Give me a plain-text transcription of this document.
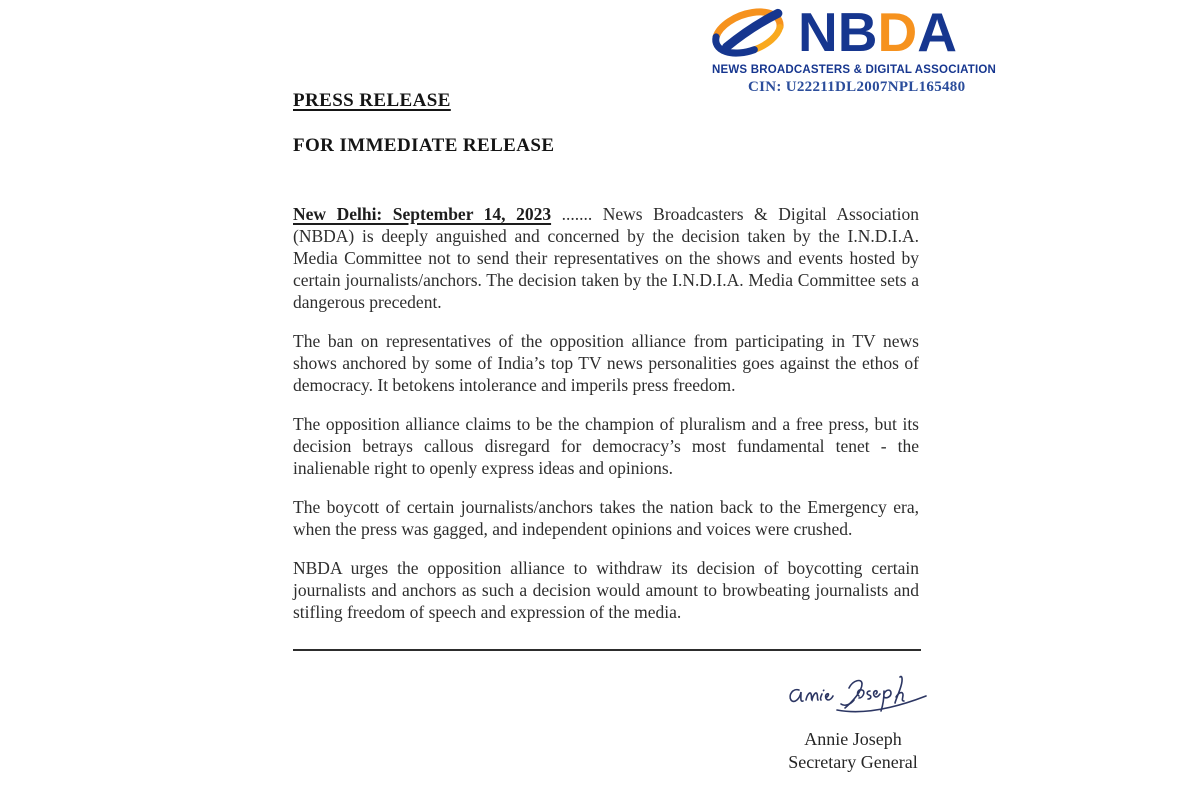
NBDA
NEWS BROADCASTERS & DIGITAL ASSOCIATION
CIN: U22211DL2007NPL165480
PRESS RELEASE
FOR IMMEDIATE RELEASE

New Delhi: September 14, 2023 ....... News Broadcasters & Digital Association (NBDA) is deeply anguished and concerned by the decision taken by the I.N.D.I.A. Media Committee not to send their representatives on the shows and events hosted by certain journalists/anchors. The decision taken by the I.N.D.I.A. Media Committee sets a dangerous precedent.

The ban on representatives of the opposition alliance from participating in TV news shows anchored by some of India’s top TV news personalities goes against the ethos of democracy. It betokens intolerance and imperils press freedom.

The opposition alliance claims to be the champion of pluralism and a free press, but its decision betrays callous disregard for democracy’s most fundamental tenet - the inalienable right to openly express ideas and opinions.

The boycott of certain journalists/anchors takes the nation back to the Emergency era, when the press was gagged, and independent opinions and voices were crushed.

NBDA urges the opposition alliance to withdraw its decision of boycotting certain journalists and anchors as such a decision would amount to browbeating journalists and stifling freedom of speech and expression of the media.

Annie Joseph
Secretary General
